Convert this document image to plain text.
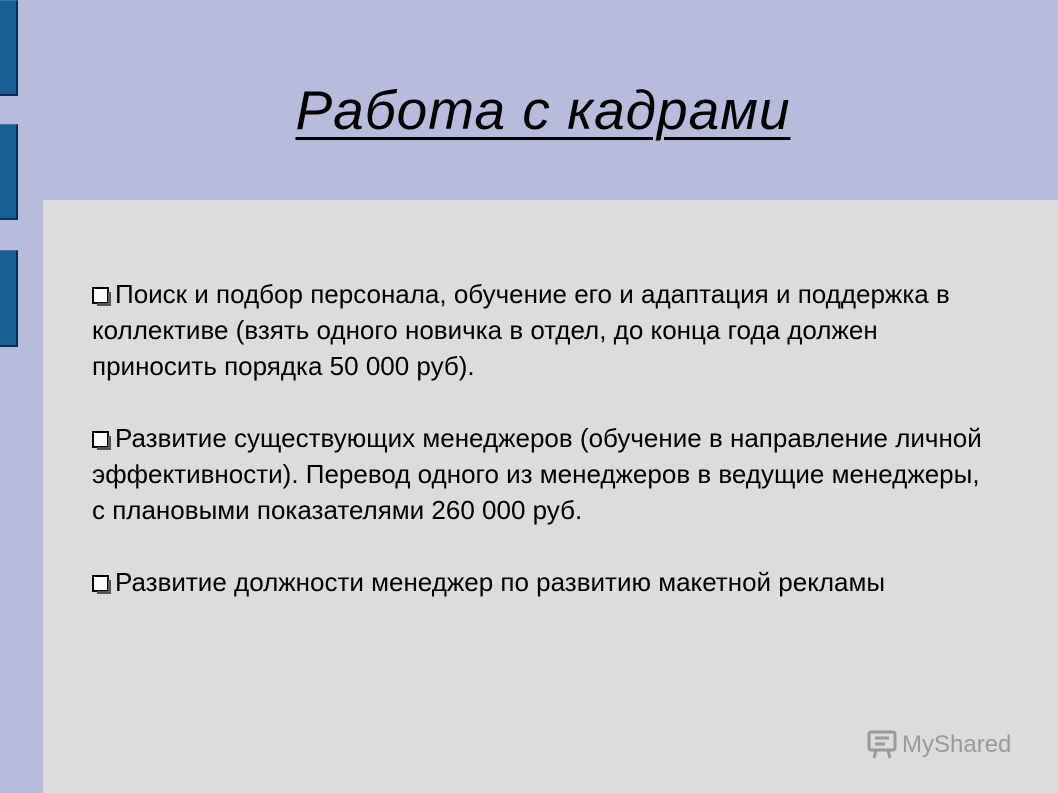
Работа с кадрами
Поиск и подбор персонала, обучение его и адаптация и поддержка в коллективе (взять одного новичка в отдел, до конца года должен приносить порядка 50 000 руб).
Развитие существующих менеджеров (обучение в направление личной эффективности). Перевод одного из менеджеров в ведущие менеджеры, с плановыми показателями 260 000 руб.
Развитие должности менеджер по развитию макетной рекламы
MyShared
